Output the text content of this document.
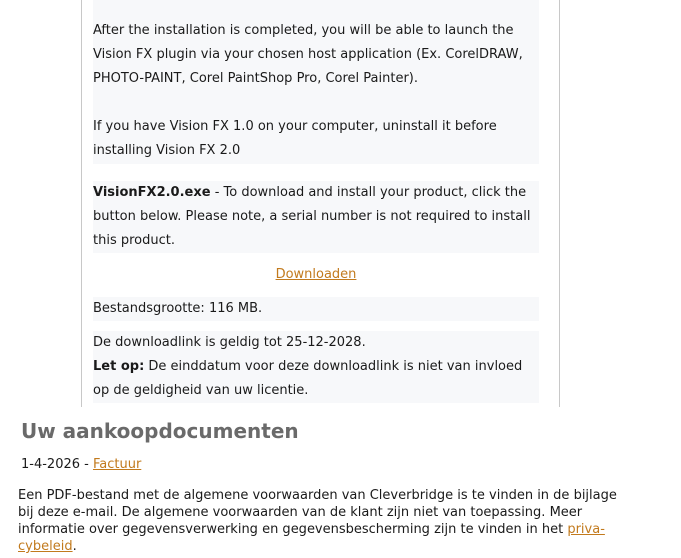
After the installation is completed, you will be able to launch the Vision FX plugin via your chosen host application (Ex. CorelDRAW, PHOTO-PAINT, Corel PaintShop Pro, Corel Painter).

If you have Vision FX 1.0 on your computer, uninstall it before installing Vision FX 2.0

VisionFX2.0.exe - To download and install your product, click the button below. Please note, a serial number is not required to install this product.

Downloaden

Bestandsgrootte: 116 MB.

De downloadlink is geldig tot 25-12-2028.

Let op: De einddatum voor deze downloadlink is niet van invloed op de geldigheid van uw licentie.

Uw aankoopdocumenten
1-4-2026 - Factuur

Een PDF-bestand met de algemene voorwaarden van Cleverbridge is te vinden in de bijlage bij deze e-mail. De algemene voorwaarden van de klant zijn niet van toepassing. Meer informatie over gegevensverwerking en gegevensbescherming zijn te vinden in het priva-cybeleid.
